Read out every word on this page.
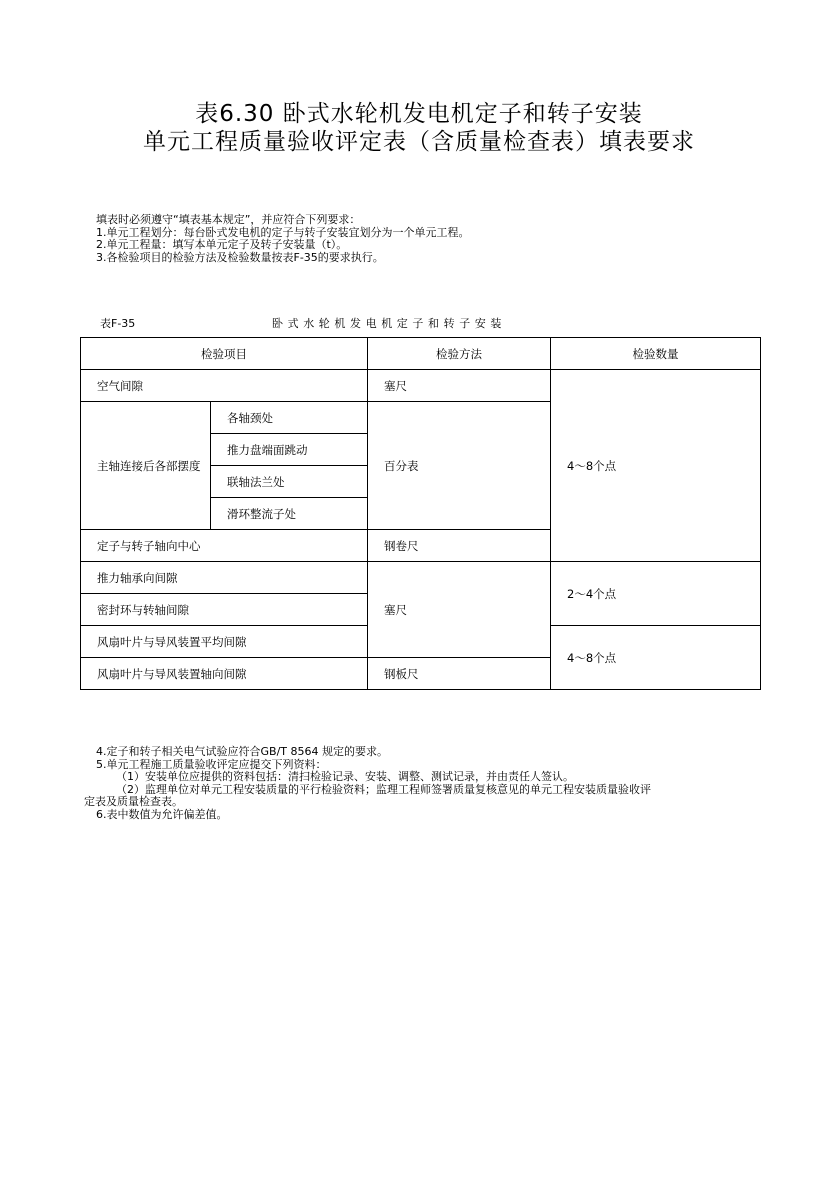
表6.30 卧式水轮机发电机定子和转子安装
单元工程质量验收评定表（含质量检查表）填表要求
填表时必须遵守“填表基本规定”，并应符合下列要求：
1.单元工程划分：每台卧式发电机的定子与转子安装宜划分为一个单元工程。
2.单元工程量：填写本单元定子及转子安装量（t）。
3.各检验项目的检验方法及检验数量按表F-35的要求执行。
表F-35	卧式水轮机发电机定子和转子安装
检验项目		检验方法	检验数量
空气间隙		塞尺	4～8个点
主轴连接后各部摆度	各轴颈处	百分表	
	推力盘端面跳动		
	联轴法兰处		
	滑环整流子处		
定子与转子轴向中心		钢卷尺	
推力轴承向间隙		塞尺	2～4个点
密封环与转轴间隙			
风扇叶片与导风装置平均间隙			4～8个点
风扇叶片与导风装置轴向间隙		钢板尺	
4.定子和转子相关电气试验应符合GB/T 8564 规定的要求。
5.单元工程施工质量验收评定应提交下列资料：
（1）安装单位应提供的资料包括：清扫检验记录、安装、调整、测试记录，并由责任人签认。
（2）监理单位对单元工程安装质量的平行检验资料；监理工程师签署质量复核意见的单元工程安装质量验收评
定表及质量检查表。
6.表中数值为允许偏差值。
